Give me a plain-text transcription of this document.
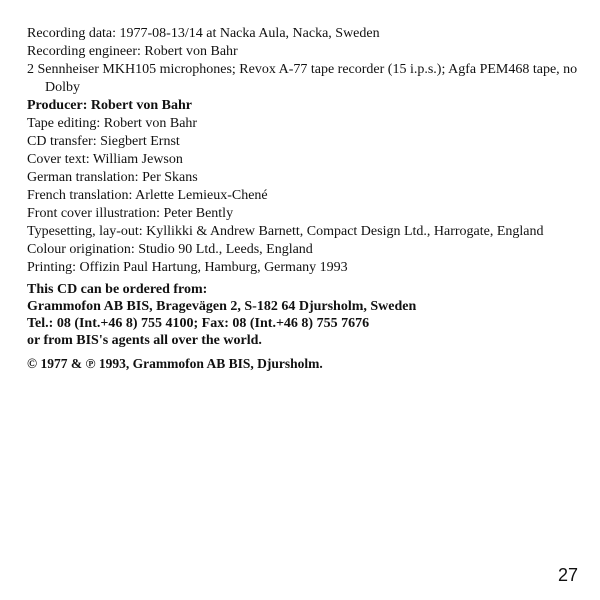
Recording data: 1977-08-13/14 at Nacka Aula, Nacka, Sweden
Recording engineer: Robert von Bahr
2 Sennheiser MKH105 microphones; Revox A-77 tape recorder (15 i.p.s.); Agfa PEM468 tape, no Dolby
Producer: Robert von Bahr
Tape editing: Robert von Bahr
CD transfer: Siegbert Ernst
Cover text: William Jewson
German translation: Per Skans
French translation: Arlette Lemieux-Chené
Front cover illustration: Peter Bently
Typesetting, lay-out: Kyllikki & Andrew Barnett, Compact Design Ltd., Harrogate, England
Colour origination: Studio 90 Ltd., Leeds, England
Printing: Offizin Paul Hartung, Hamburg, Germany 1993
This CD can be ordered from:
Grammofon AB BIS, Bragevägen 2, S-182 64 Djursholm, Sweden
Tel.: 08 (Int.+46 8) 755 4100; Fax: 08 (Int.+46 8) 755 7676
or from BIS's agents all over the world.
© 1977 & ℗ 1993, Grammofon AB BIS, Djursholm.
27
